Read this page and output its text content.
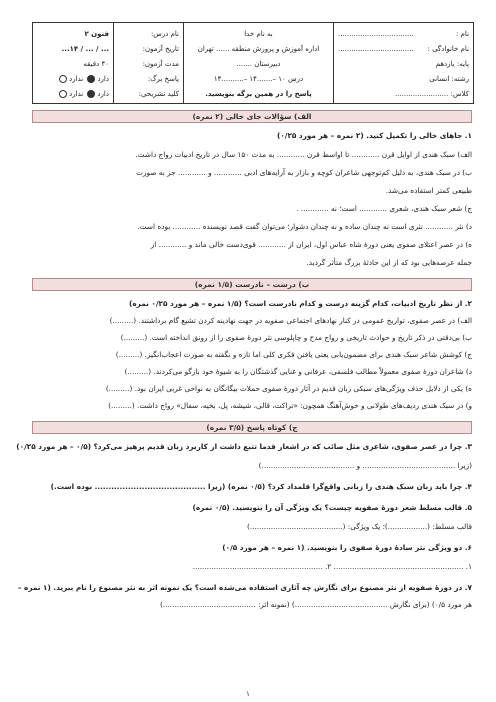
نام :
..................................
نام خانوادگی :
..................................
پایه: یازدهم
رشته: انسانی
کلاس: ........................
به نام خدا
اداره آموزش و پرورش منطقه ...... تهران
دبیرستان .......
درس ۱۰ –.......۱۴ –..........۱۴
پاسخ را در همین برگه بنویسید.
نام درس:
تاریخ آزمون:
مدت آزمون:
پاسخ برگ:
کلید تشریحی:
فنون ۲
... / ... / ۱۴...
۴۰ دقیقه
دارد ندارد
دارد ندارد
الف) سؤالات جای خالی (۲ نمره)
۱. جاهای خالی را تکمیل کنید. (۲ نمره – هر مورد ۰/۲۵)
الف) سبک هندی از اوایل قرن ............ تا اواسط قرن ............ به مدت ۱۵۰ سال در تاریخ ادبیات رواج داشت.
ب) در سبک هندی، به دلیل کم‌توجهی شاعران کوچه و بازار به آرایه‌های ادبی ............ و ............ جز به صورت
طبیعی کمتر استفاده می‌شد.
ج) شعر سبک هندی، شعری ............ است؛ نه ............ .
د) نثر ............ نثری است نه چندان ساده و نه چندان دشوار؛ می‌توان گفت قصد نویسنده ............ بوده است.
ه) در عصر اعتلای صفوی یعنی دورهٔ شاه عباس اول، ایران از ............ قوی‌دست خالی ماند و ............ از
جمله عرصه‌هایی بود که از این حادثهٔ بزرگ متأثر گردید.
ب) درست – نادرست (۱/۵ نمره)
۲. از نظر تاریخ ادبیات، کدام گزینه درست و کدام نادرست است؟ (۱/۵ نمره – هر مورد ۰/۲۵ نمره)
الف) در عصر صفوی، تواریخ عمومی در کنار نهادهای اجتماعی صفویه در جهت نهادینه کردن تشیع گام برداشتند. (.........)
ب) بی‌دقتی در ذکر تاریخ و حوادث تاریخی و رواج مدح و چاپلوسی نثر دورهٔ صفوی را از رونق انداخته است. (.........)
ج) کوشش شاعر سبک هندی برای مضمون‌یابی یعنی یافتن فکری کلی اما تازه و نگفته به صورت اعجاب‌انگیز. (.........)
د) شاعران دورهٔ صفوی معمولاً مطالب فلسفی، عرفانی و غنایی گذشتگان را به شیوهٔ خود بازگو می‌کردند. (.........)
ه) یکی از دلایل حذف ویژگی‌های سبکی زبان قدیم در آثار دورهٔ صفوی حملات بیگانگان به نواحی غربی ایران بود. (.........)
و) در سبک هندی ردیف‌های طولانی و خوش‌آهنگ همچون: «تراکت، قالی، شیشه، پل، بخیه، سفال» رواج داشت. (.........)
ج) کوتاه پاسخ (۳/۵ نمره)
۳. چرا در عصر صفوی، شاعری مثل صائب که در اشعار قدما تتبع داشت از کاربرد زبان قدیم پرهیز می‌کرد؟ (۰/۵ – هر مورد ۰/۲۵)
(زیرا ........................................ و ........................................)
۴. چرا باید زبان سبک هندی را زبانی واقع‌گرا قلمداد کرد؟ (۰/۵ نمره) (زیرا ........................................ بوده است.)
۵. قالب مسلط شعر دورهٔ صفویه چیست؟ یک ویژگی آن را بنویسید. (۰/۵ نمره)
قالب مسلط: (.................)؛ یک ویژگی: (........................................)
۶. دو ویژگی نثر سادهٔ دورهٔ صفوی را بنویسید. (۱ نمره – هر مورد ۰/۵)
۱. ........................................................ ۲. ........................................................
۷. در دورهٔ صفویه از نثر مصنوع برای نگارش چه آثاری استفاده می‌شده است؟ یک نمونه اثر به نثر مصنوع را نام ببرید. (۱ نمره –
هر مورد ۰/۵) (برای نگارش ........................................) (نمونه اثر: ........................................)
۱
